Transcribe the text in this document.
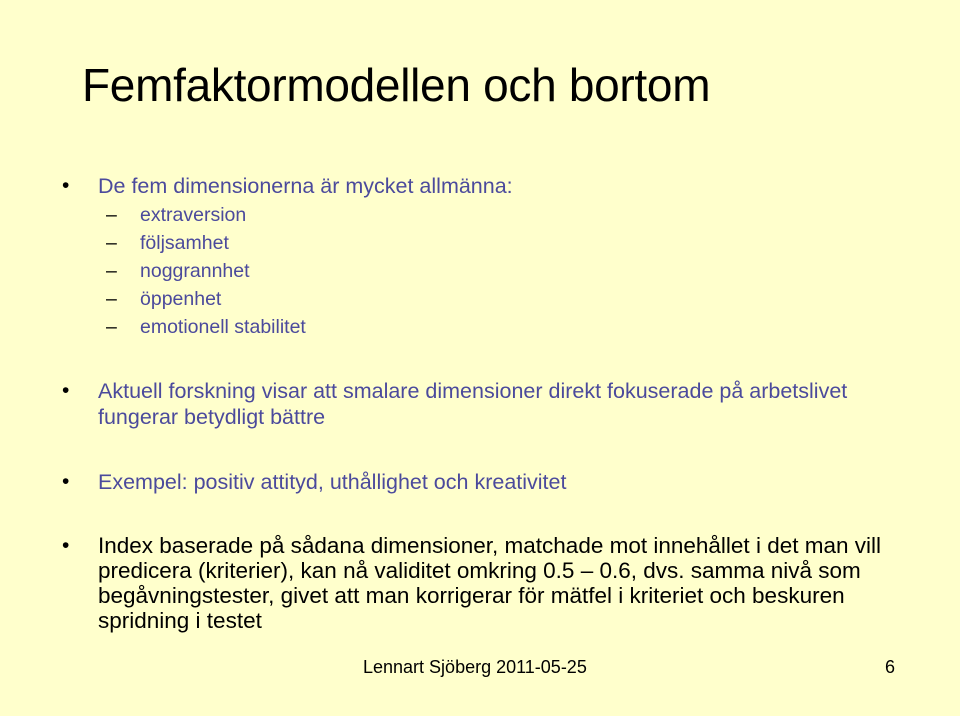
Femfaktormodellen och bortom
• De fem dimensionerna är mycket allmänna:
– extraversion
– följsamhet
– noggrannhet
– öppenhet
– emotionell stabilitet
• Aktuell forskning visar att smalare dimensioner direkt fokuserade på arbetslivet fungerar betydligt bättre
• Exempel: positiv attityd, uthållighet och kreativitet
• Index baserade på sådana dimensioner, matchade mot innehållet i det man vill predicera (kriterier), kan nå validitet omkring 0.5 – 0.6, dvs. samma nivå som begåvningstester, givet att man korrigerar för mätfel i kriteriet och beskuren spridning i testet
Lennart Sjöberg 2011-05-25	6
